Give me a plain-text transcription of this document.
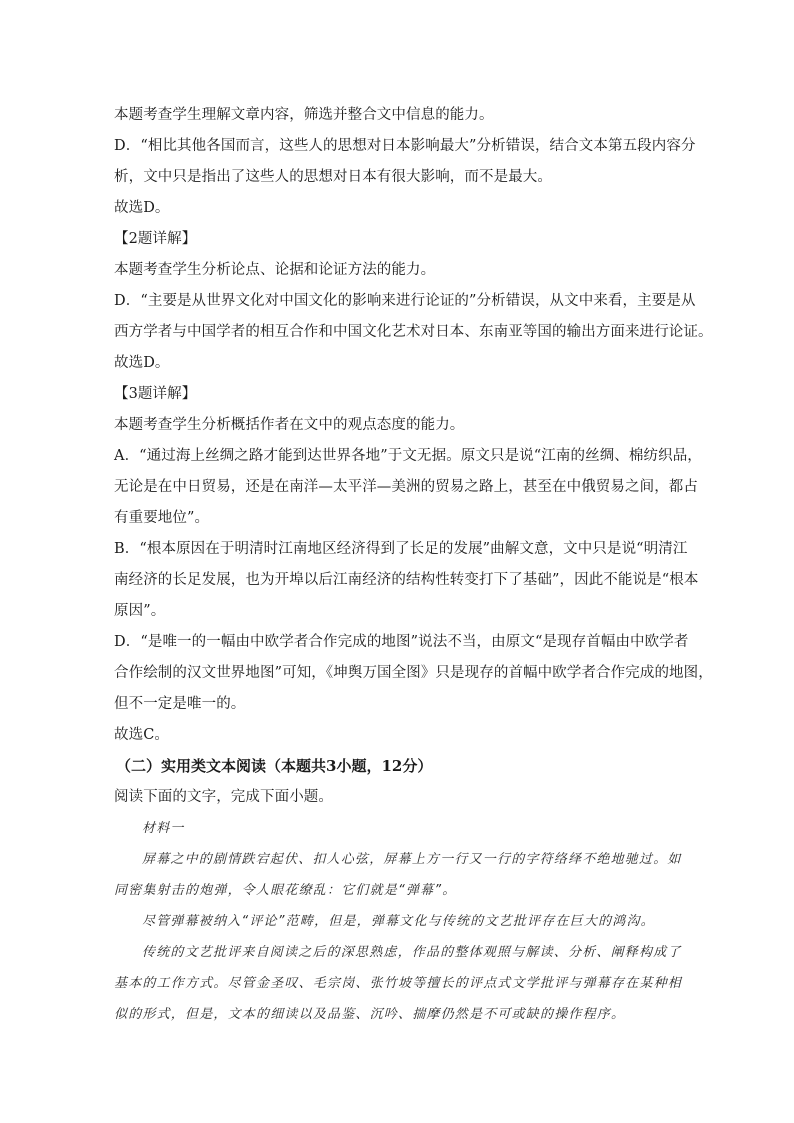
本题考查学生理解文章内容，筛选并整合文中信息的能力。
D．“相比其他各国而言，这些人的思想对日本影响最大”分析错误，结合文本第五段内容分
析，文中只是指出了这些人的思想对日本有很大影响，而不是最大。
故选D。
【2题详解】
本题考查学生分析论点、论据和论证方法的能力。
D．“主要是从世界文化对中国文化的影响来进行论证的”分析错误，从文中来看，主要是从
西方学者与中国学者的相互合作和中国文化艺术对日本、东南亚等国的输出方面来进行论证。
故选D。
【3题详解】
本题考查学生分析概括作者在文中的观点态度的能力。
A．“通过海上丝绸之路才能到达世界各地”于文无据。原文只是说“江南的丝绸、棉纺织品，
无论是在中日贸易，还是在南洋—太平洋—美洲的贸易之路上，甚至在中俄贸易之间，都占
有重要地位”。
B．“根本原因在于明清时江南地区经济得到了长足的发展”曲解文意，文中只是说“明清江
南经济的长足发展，也为开埠以后江南经济的结构性转变打下了基础”，因此不能说是“根本
原因”。
D．“是唯一的一幅由中欧学者合作完成的地图”说法不当，由原文“是现存首幅由中欧学者
合作绘制的汉文世界地图”可知，《坤舆万国全图》只是现存的首幅中欧学者合作完成的地图，
但不一定是唯一的。
故选C。
（二）实用类文本阅读（本题共3小题，12分）
阅读下面的文字，完成下面小题。
材料一
屏幕之中的剧情跌宕起伏、扣人心弦，屏幕上方一行又一行的字符络绎不绝地驰过。如
同密集射击的炮弹，令人眼花缭乱：它们就是“弹幕”。
尽管弹幕被纳入“评论”范畴，但是，弹幕文化与传统的文艺批评存在巨大的鸿沟。
传统的文艺批评来自阅读之后的深思熟虑，作品的整体观照与解读、分析、阐释构成了
基本的工作方式。尽管金圣叹、毛宗岗、张竹坡等擅长的评点式文学批评与弹幕存在某种相
似的形式，但是，文本的细读以及品鉴、沉吟、揣摩仍然是不可或缺的操作程序。
